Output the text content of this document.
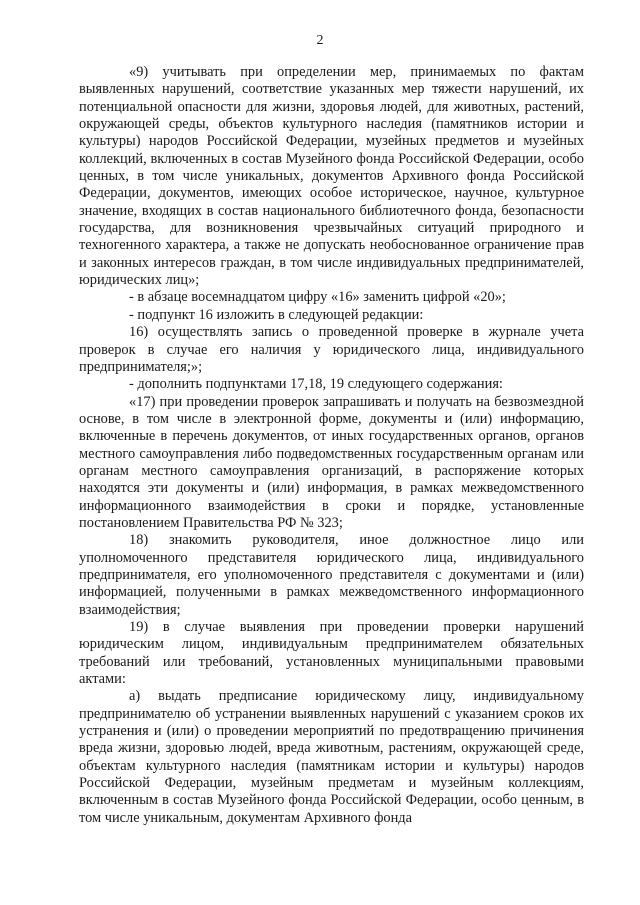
2

«9) учитывать при определении мер, принимаемых по фактам выявленных нарушений, соответствие указанных мер тяжести нарушений, их потенциальной опасности для жизни, здоровья людей, для животных, растений, окружающей среды, объектов культурного наследия (памятников истории и культуры) народов Российской Федерации, музейных предметов и музейных коллекций, включенных в состав Музейного фонда Российской Федерации, особо ценных, в том числе уникальных, документов Архивного фонда Российской Федерации, документов, имеющих особое историческое, научное, культурное значение, входящих в состав национального библиотечного фонда, безопасности государства, для возникновения чрезвычайных ситуаций природного и техногенного характера, а также не допускать необоснованное ограничение прав и законных интересов граждан, в том числе индивидуальных предпринимателей, юридических лиц»;

- в абзаце восемнадцатом цифру «16» заменить цифрой «20»;

- подпункт 16 изложить в следующей редакции:

16) осуществлять запись о проведенной проверке в журнале учета проверок в случае его наличия у юридического лица, индивидуального предпринимателя;»;

- дополнить подпунктами 17,18, 19 следующего содержания:

«17) при проведении проверок запрашивать и получать на безвозмездной основе, в том числе в электронной форме, документы и (или) информацию, включенные в перечень документов, от иных государственных органов, органов местного самоуправления либо подведомственных государственным органам или органам местного самоуправления организаций, в распоряжение которых находятся эти документы и (или) информация, в рамках межведомственного информационного взаимодействия в сроки и порядке, установленные постановлением Правительства РФ № 323;

18) знакомить руководителя, иное должностное лицо или уполномоченного представителя юридического лица, индивидуального предпринимателя, его уполномоченного представителя с документами и (или) информацией, полученными в рамках межведомственного информационного взаимодействия;

19) в случае выявления при проведении проверки нарушений юридическим лицом, индивидуальным предпринимателем обязательных требований или требований, установленных муниципальными правовыми актами:

а) выдать предписание юридическому лицу, индивидуальному предпринимателю об устранении выявленных нарушений с указанием сроков их устранения и (или) о проведении мероприятий по предотвращению причинения вреда жизни, здоровью людей, вреда животным, растениям, окружающей среде, объектам культурного наследия (памятникам истории и культуры) народов Российской Федерации, музейным предметам и музейным коллекциям, включенным в состав Музейного фонда Российской Федерации, особо ценным, в том числе уникальным, документам Архивного фонда
